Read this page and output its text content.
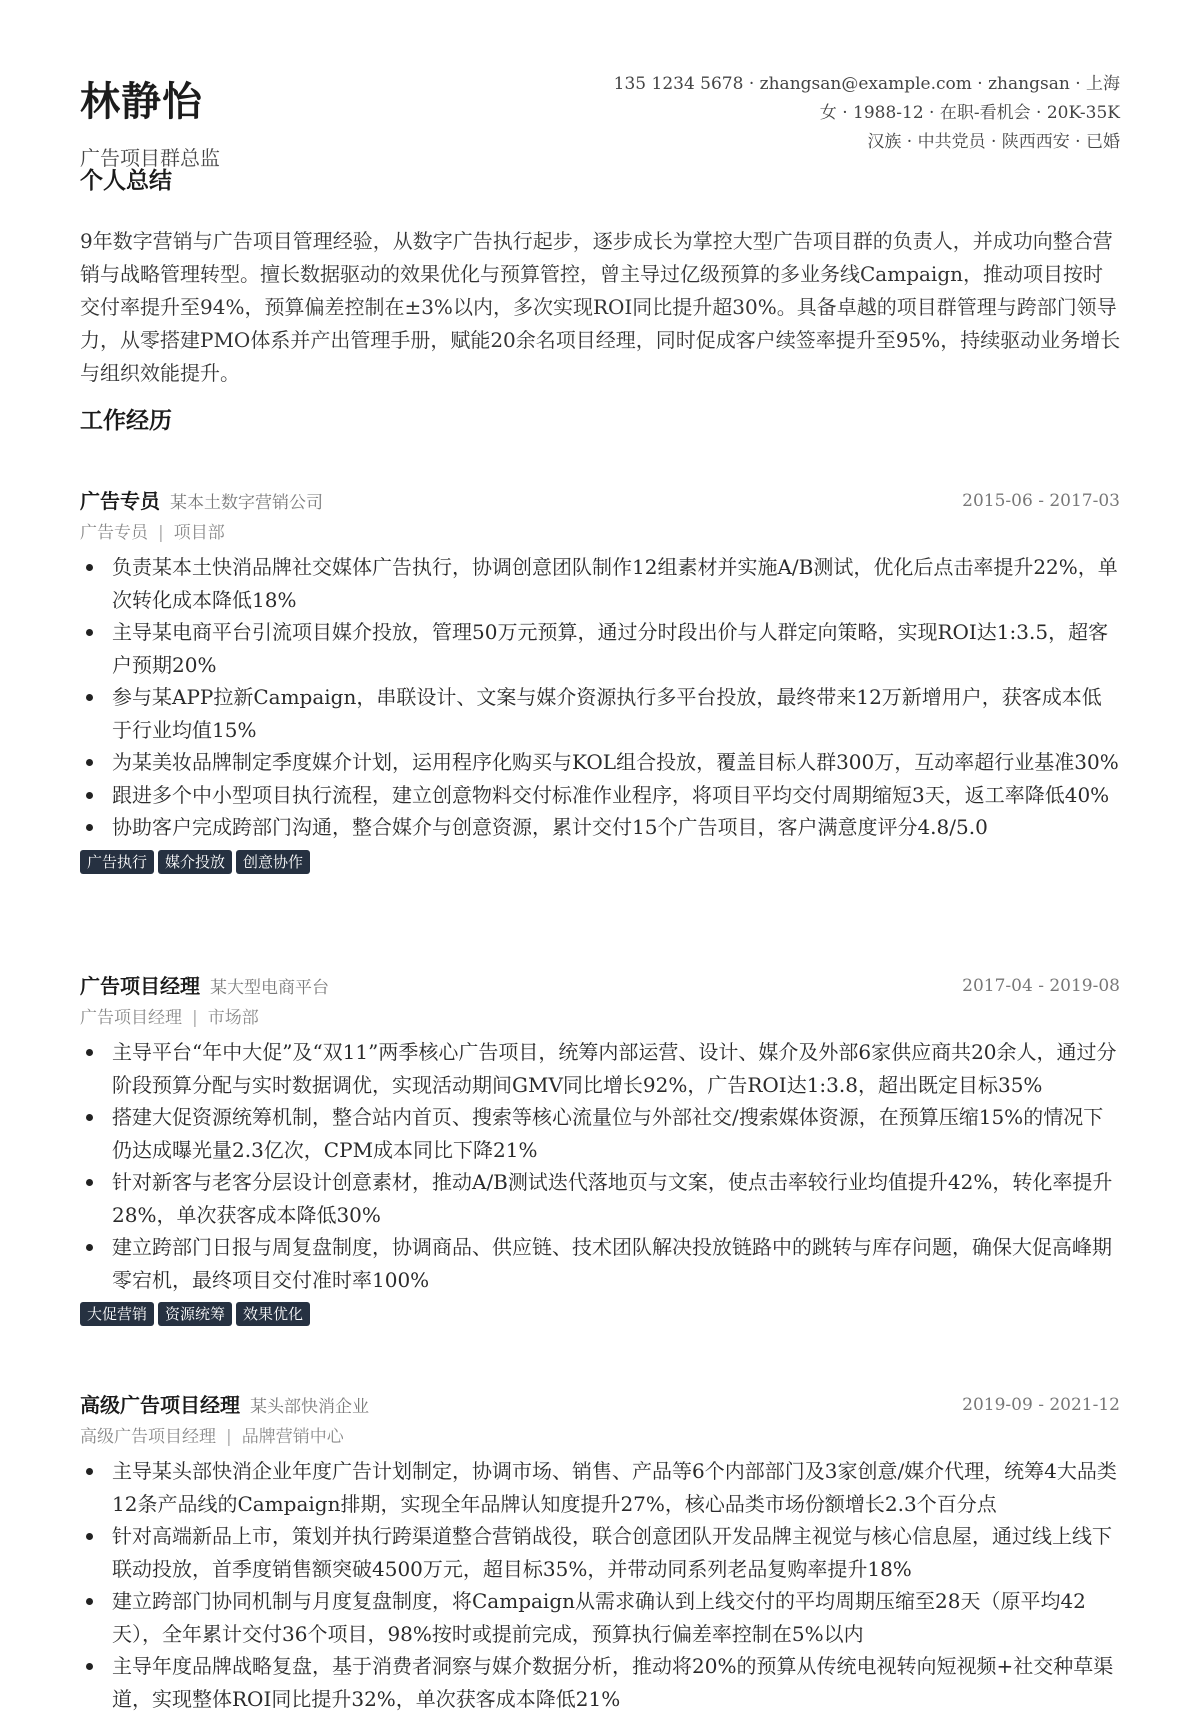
林静怡
广告项目群总监
135 1234 5678 · zhangsan@example.com · zhangsan · 上海
女 · 1988-12 · 在职-看机会 · 20K-35K
汉族 · 中共党员 · 陕西西安 · 已婚
个人总结
9年数字营销与广告项目管理经验，从数字广告执行起步，逐步成长为掌控大型广告项目群的负责人，并成功向整合营销与战略管理转型。擅长数据驱动的效果优化与预算管控，曾主导过亿级预算的多业务线Campaign，推动项目按时交付率提升至94%，预算偏差控制在±3%以内，多次实现ROI同比提升超30%。具备卓越的项目群管理与跨部门领导力，从零搭建PMO体系并产出管理手册，赋能20余名项目经理，同时促成客户续签率提升至95%，持续驱动业务增长与组织效能提升。
工作经历
广告专员 某本土数字营销公司	2015-06 - 2017-03
广告专员 | 项目部
负责某本土快消品牌社交媒体广告执行，协调创意团队制作12组素材并实施A/B测试，优化后点击率提升22%，单次转化成本降低18%
主导某电商平台引流项目媒介投放，管理50万元预算，通过分时段出价与人群定向策略，实现ROI达1:3.5，超客户预期20%
参与某APP拉新Campaign，串联设计、文案与媒介资源执行多平台投放，最终带来12万新增用户，获客成本低于行业均值15%
为某美妆品牌制定季度媒介计划，运用程序化购买与KOL组合投放，覆盖目标人群300万，互动率超行业基准30%
跟进多个中小型项目执行流程，建立创意物料交付标准作业程序，将项目平均交付周期缩短3天，返工率降低40%
协助客户完成跨部门沟通，整合媒介与创意资源，累计交付15个广告项目，客户满意度评分4.8/5.0
广告执行 媒介投放 创意协作
广告项目经理 某大型电商平台	2017-04 - 2019-08
广告项目经理 | 市场部
主导平台“年中大促”及“双11”两季核心广告项目，统筹内部运营、设计、媒介及外部6家供应商共20余人，通过分阶段预算分配与实时数据调优，实现活动期间GMV同比增长92%，广告ROI达1:3.8，超出既定目标35%
搭建大促资源统筹机制，整合站内首页、搜索等核心流量位与外部社交/搜索媒体资源，在预算压缩15%的情况下仍达成曝光量2.3亿次，CPM成本同比下降21%
针对新客与老客分层设计创意素材，推动A/B测试迭代落地页与文案，使点击率较行业均值提升42%，转化率提升28%，单次获客成本降低30%
建立跨部门日报与周复盘制度，协调商品、供应链、技术团队解决投放链路中的跳转与库存问题，确保大促高峰期零宕机，最终项目交付准时率100%
大促营销 资源统筹 效果优化
高级广告项目经理 某头部快消企业	2019-09 - 2021-12
高级广告项目经理 | 品牌营销中心
主导某头部快消企业年度广告计划制定，协调市场、销售、产品等6个内部部门及3家创意/媒介代理，统筹4大品类12条产品线的Campaign排期，实现全年品牌认知度提升27%，核心品类市场份额增长2.3个百分点
针对高端新品上市，策划并执行跨渠道整合营销战役，联合创意团队开发品牌主视觉与核心信息屋，通过线上线下联动投放，首季度销售额突破4500万元，超目标35%，并带动同系列老品复购率提升18%
建立跨部门协同机制与月度复盘制度，将Campaign从需求确认到上线交付的平均周期压缩至28天（原平均42天），全年累计交付36个项目，98%按时或提前完成，预算执行偏差率控制在5%以内
主导年度品牌战略复盘，基于消费者洞察与媒介数据分析，推动将20%的预算从传统电视转向短视频+社交种草渠道，实现整体ROI同比提升32%，单次获客成本降低21%
